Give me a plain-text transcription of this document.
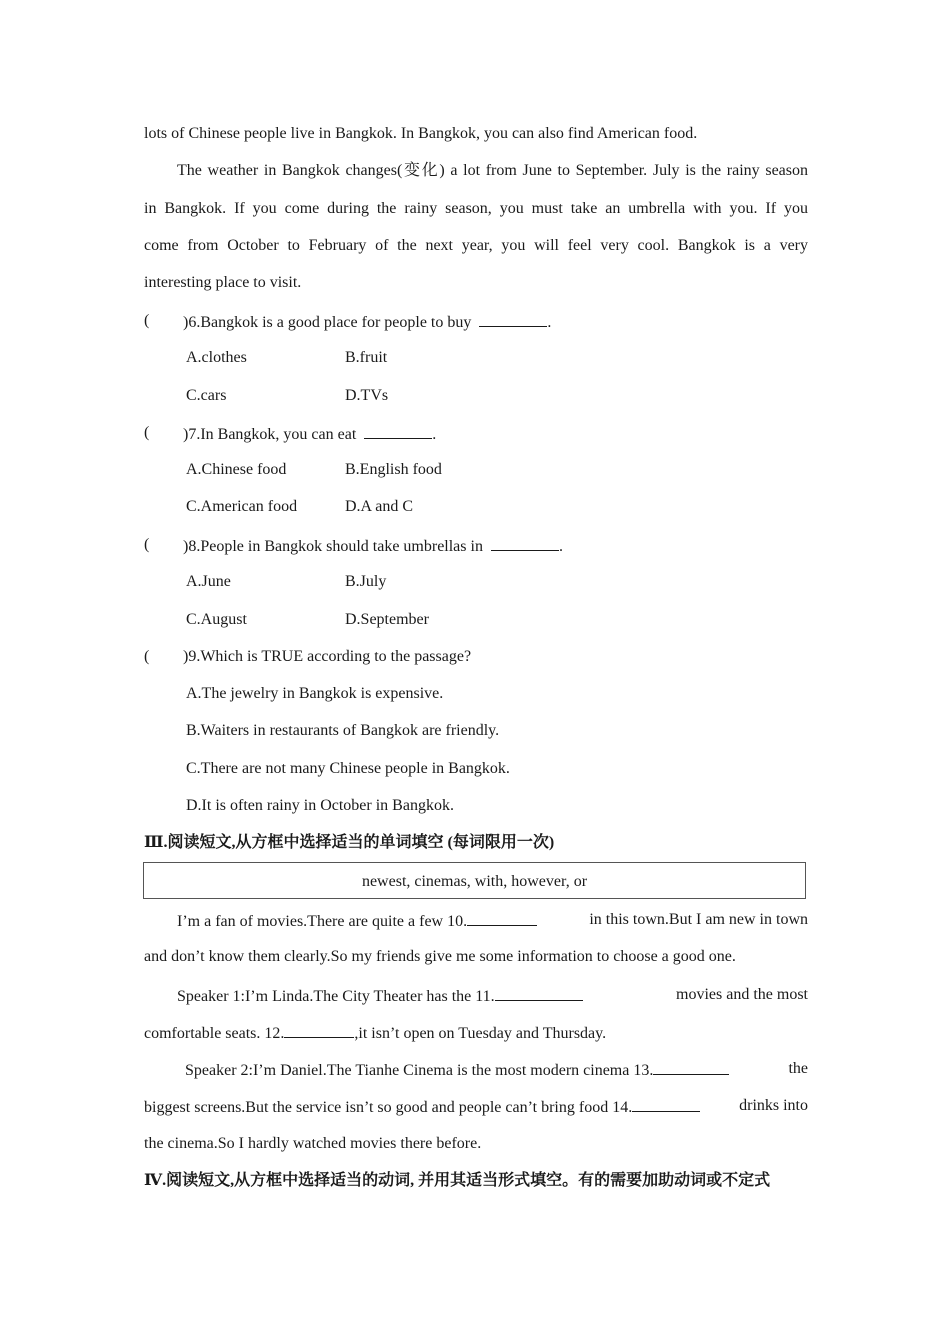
lots of Chinese people live in Bangkok. In Bangkok, you can also find American food.
The weather in Bangkok changes(变化) a lot from June to September. July is the rainy season
in Bangkok. If you come during the rainy season, you must take an umbrella with you. If you
come from October to February of the next year, you will feel very cool. Bangkok is a very
interesting place to visit.
( )6.Bangkok is a good place for people to buy	.
A.clothes	B.fruit
C.cars	D.TVs
( )7.In Bangkok, you can eat	.
A.Chinese food	B.English food
C.American food	D.A and C
( )8.People in Bangkok should take umbrellas in	.
A.June	B.July
C.August	D.September
( )9.Which is TRUE according to the passage?
A.The jewelry in Bangkok is expensive.
B.Waiters in restaurants of Bangkok are friendly.
C.There are not many Chinese people in Bangkok.
D.It is often rainy in October in Bangkok.
Ⅲ.阅读短文,从方框中选择适当的单词填空 (每词限用一次)
newest, cinemas, with, however, or
I’m a fan of movies.There are quite a few 10.	in this town.But I am new in town
and don’t know them clearly.So my friends give me some information to choose a good one.
Speaker 1:I’m Linda.The City Theater has the 11.	movies and the most
comfortable seats. 12.	,it isn’t open on Tuesday and Thursday.
Speaker 2:I’m Daniel.The Tianhe Cinema is the most modern cinema 13.	the
biggest screens.But the service isn’t so good and people can’t bring food 14.	drinks into
the cinema.So I hardly watched movies there before.
Ⅳ.阅读短文,从方框中选择适当的动词, 并用其适当形式填空。有的需要加助动词或不定式
